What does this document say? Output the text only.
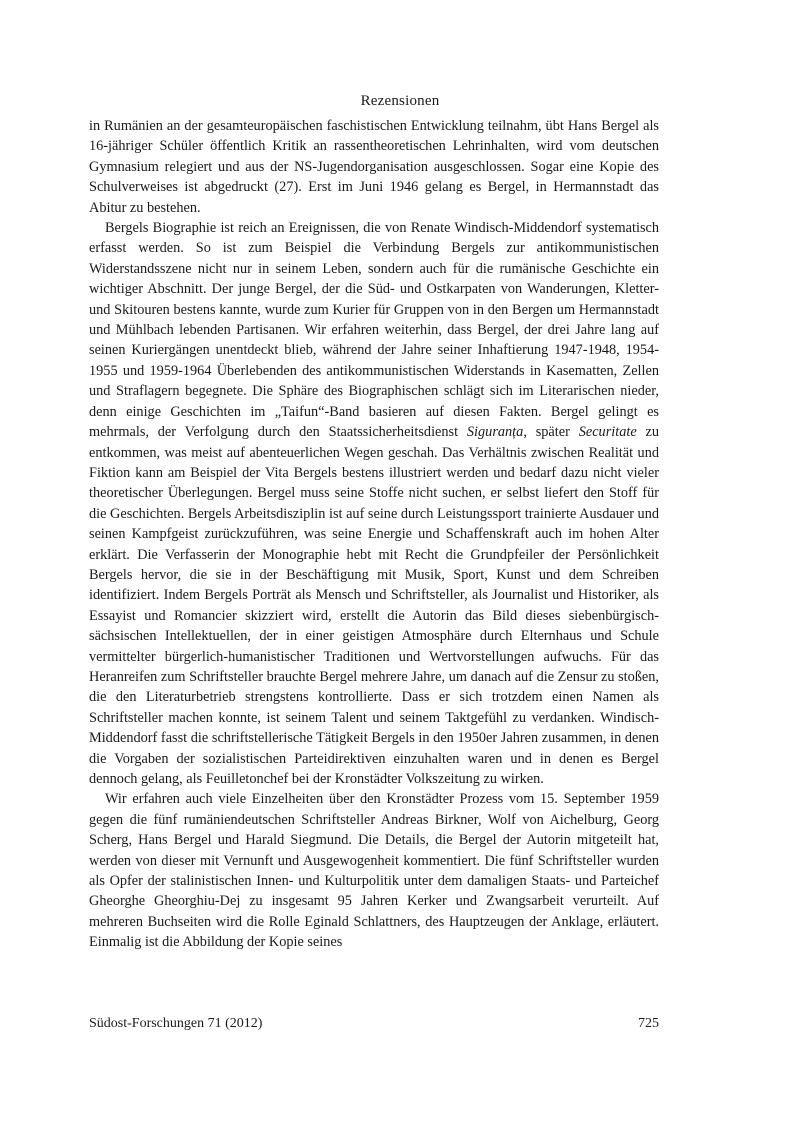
Rezensionen

in Rumänien an der gesamteuropäischen faschistischen Entwicklung teilnahm, übt Hans Bergel als 16-jähriger Schüler öffentlich Kritik an rassentheoretischen Lehrinhalten, wird vom deutschen Gymnasium relegiert und aus der NS-Jugendorganisation ausgeschlossen. Sogar eine Kopie des Schulverweises ist abgedruckt (27). Erst im Juni 1946 gelang es Bergel, in Hermannstadt das Abitur zu bestehen.

Bergels Biographie ist reich an Ereignissen, die von Renate Windisch-Middendorf systematisch erfasst werden. So ist zum Beispiel die Verbindung Bergels zur antikommunistischen Widerstandsszene nicht nur in seinem Leben, sondern auch für die rumänische Geschichte ein wichtiger Abschnitt. Der junge Bergel, der die Süd- und Ostkarpaten von Wanderungen, Kletter- und Skitouren bestens kannte, wurde zum Kurier für Gruppen von in den Bergen um Hermannstadt und Mühlbach lebenden Partisanen. Wir erfahren weiterhin, dass Bergel, der drei Jahre lang auf seinen Kuriergängen unentdeckt blieb, während der Jahre seiner Inhaftierung 1947-1948, 1954-1955 und 1959-1964 Überlebenden des antikommunistischen Widerstands in Kasematten, Zellen und Straflagern begegnete. Die Sphäre des Biographischen schlägt sich im Literarischen nieder, denn einige Geschichten im „Taifun“-Band basieren auf diesen Fakten. Bergel gelingt es mehrmals, der Verfolgung durch den Staatssicherheitsdienst Siguranța, später Securitate zu entkommen, was meist auf abenteuerlichen Wegen geschah. Das Verhältnis zwischen Realität und Fiktion kann am Beispiel der Vita Bergels bestens illustriert werden und bedarf dazu nicht vieler theoretischer Überlegungen. Bergel muss seine Stoffe nicht suchen, er selbst liefert den Stoff für die Geschichten. Bergels Arbeitsdisziplin ist auf seine durch Leistungssport trainierte Ausdauer und seinen Kampfgeist zurückzuführen, was seine Energie und Schaffenskraft auch im hohen Alter erklärt. Die Verfasserin der Monographie hebt mit Recht die Grundpfeiler der Persönlichkeit Bergels hervor, die sie in der Beschäftigung mit Musik, Sport, Kunst und dem Schreiben identifiziert. Indem Bergels Porträt als Mensch und Schriftsteller, als Journalist und Historiker, als Essayist und Romancier skizziert wird, erstellt die Autorin das Bild dieses siebenbürgisch-sächsischen Intellektuellen, der in einer geistigen Atmosphäre durch Elternhaus und Schule vermittelter bürgerlich-humanistischer Traditionen und Wertvorstellungen aufwuchs. Für das Heranreifen zum Schriftsteller brauchte Bergel mehrere Jahre, um danach auf die Zensur zu stoßen, die den Literaturbetrieb strengstens kontrollierte. Dass er sich trotzdem einen Namen als Schriftsteller machen konnte, ist seinem Talent und seinem Taktgefühl zu verdanken. Windisch-Middendorf fasst die schriftstellerische Tätigkeit Bergels in den 1950er Jahren zusammen, in denen die Vorgaben der sozialistischen Parteidirektiven einzuhalten waren und in denen es Bergel dennoch gelang, als Feuilletonchef bei der Kronstädter Volkszeitung zu wirken.

Wir erfahren auch viele Einzelheiten über den Kronstädter Prozess vom 15. September 1959 gegen die fünf rumäniendeutschen Schriftsteller Andreas Birkner, Wolf von Aichelburg, Georg Scherg, Hans Bergel und Harald Siegmund. Die Details, die Bergel der Autorin mitgeteilt hat, werden von dieser mit Vernunft und Ausgewogenheit kommentiert. Die fünf Schriftsteller wurden als Opfer der stalinistischen Innen- und Kulturpolitik unter dem damaligen Staats- und Parteichef Gheorghe Gheorghiu-Dej zu insgesamt 95 Jahren Kerker und Zwangsarbeit verurteilt. Auf mehreren Buchseiten wird die Rolle Eginald Schlattners, des Hauptzeugen der Anklage, erläutert. Einmalig ist die Abbildung der Kopie seines

Südost-Forschungen 71 (2012)	725
